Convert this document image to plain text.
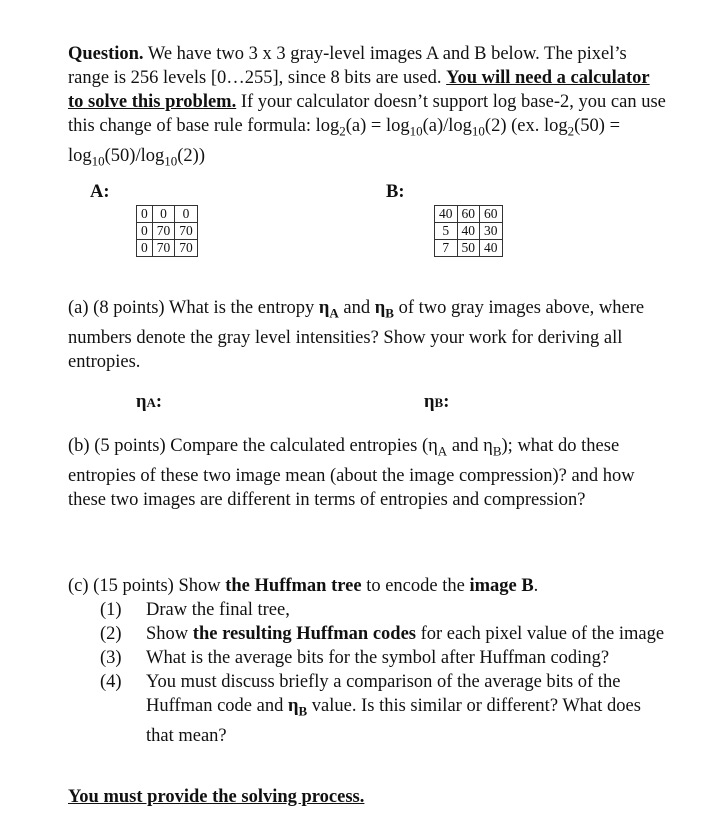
Question. We have two 3 x 3 gray-level images A and B below. The pixel’s range is 256 levels [0…255], since 8 bits are used. You will need a calculator to solve this problem. If your calculator doesn’t support log base-2, you can use this change of base rule formula: $\log_2(a) = \log_{10}(a)/\log_{10}(2)$ (ex. $\log_2(50) = \log_{10}(50)/\log_{10}(2)$)
A:	B:
0	0	0
0	70	70
0	70	70
40	60	60
5	40	30
7	50	40
(a) (8 points) What is the entropy $\eta_A$ and $\eta_B$ of two gray images above, where numbers denote the gray level intensities? Show your work for deriving all entropies.
ηA:	ηB:
(b) (5 points) Compare the calculated entropies ($\eta_A$ and $\eta_B$); what do these entropies of these two image mean (about the image compression)? and how these two images are different in terms of entropies and compression?
(c) (15 points) Show the Huffman tree to encode the image B.
(1)	Draw the final tree,
(2)	Show the resulting Huffman codes for each pixel value of the image
(3)	What is the average bits for the symbol after Huffman coding?
(4)	You must discuss briefly a comparison of the average bits of the Huffman code and $\eta_B$ value. Is this similar or different? What does that mean?
You must provide the solving process.
